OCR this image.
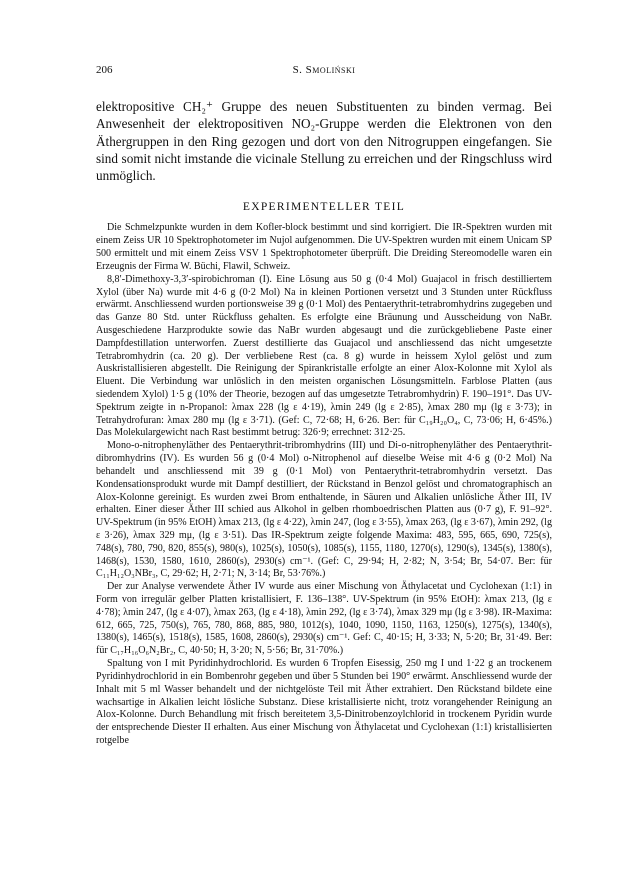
206	S. Smoliński
elektropositive CH₂⁺ Gruppe des neuen Substituenten zu binden vermag. Bei Anwesenheit der elektropositiven NO₂-Gruppe werden die Elektronen von den Äthergruppen in den Ring gezogen und dort von den Nitrogruppen eingefangen. Sie sind somit nicht imstande die vicinale Stellung zu erreichen und der Ringschluss wird unmöglich.
EXPERIMENTELLER TEIL

Die Schmelzpunkte wurden in dem Kofler-block bestimmt und sind korrigiert. Die IR-Spektren wurden mit einem Zeiss UR 10 Spektrophotometer im Nujol aufgenommen. Die UV-Spektren wurden mit einem Unicam SP 500 ermittelt und mit einem Zeiss VSV 1 Spektrophotometer überprüft. Die Dreiding Stereomodelle waren ein Erzeugnis der Firma W. Büchi, Flawil, Schweiz.

8,8′-Dimethoxy-3,3′-spirobichroman (I). Eine Lösung aus 50 g (0·4 Mol) Guajacol in frisch destilliertem Xylol (über Na) wurde mit 4·6 g (0·2 Mol) Na in kleinen Portionen versetzt und 3 Stunden unter Rückfluss erwärmt. Anschliessend wurden portionsweise 39 g (0·1 Mol) des Pentaerythrit-tetrabromhydrins zugegeben und das Ganze 80 Std. unter Rückfluss gehalten. Es erfolgte eine Bräunung und Ausscheidung von NaBr. Ausgeschiedene Harzprodukte sowie das NaBr wurden abgesaugt und die zurückgebliebene Paste einer Dampfdestillation unterworfen. Zuerst destillierte das Guajacol und anschliessend das nicht umgesetzte Tetrabromhydrin (ca. 20 g). Der verbliebene Rest (ca. 8 g) wurde in heissem Xylol gelöst und zum Auskristallisieren abgestellt. Die Reinigung der Spirankristalle erfolgte an einer Alox-Kolonne mit Xylol als Eluent. Die Verbindung war unlöslich in den meisten organischen Lösungsmitteln. Farblose Platten (aus siedendem Xylol) 1·5 g (10% der Theorie, bezogen auf das umgesetzte Tetrabromhydrin) F. 190–191°. Das UV-Spektrum zeigte in n-Propanol: λmax 228 (lg ε 4·19), λmin 249 (lg ε 2·85), λmax 280 mμ (lg ε 3·73); in Tetrahydrofuran: λmax 280 mμ (lg ε 3·71). (Gef: C, 72·68; H, 6·26. Ber: für C₁₉H₂₀O₄, C, 73·06; H, 6·45%.) Das Molekulargewicht nach Rast bestimmt betrug: 326·9; errechnet: 312·25.

Mono-o-nitrophenyläther des Pentaerythrit-tribromhydrins (III) und Di-o-nitrophenyläther des Pentaerythrit-dibromhydrins (IV). Es wurden 56 g (0·4 Mol) o-Nitrophenol auf dieselbe Weise mit 4·6 g (0·2 Mol) Na behandelt und anschliessend mit 39 g (0·1 Mol) von Pentaerythrit-tetrabromhydrin versetzt. Das Kondensationsprodukt wurde mit Dampf destilliert, der Rückstand in Benzol gelöst und chromatographisch an Alox-Kolonne gereinigt. Es wurden zwei Brom enthaltende, in Säuren und Alkalien unlösliche Äther III, IV erhalten. Einer dieser Äther III schied aus Alkohol in gelben rhomboedrischen Platten aus (0·7 g), F. 91–92°. UV-Spektrum (in 95% EtOH) λmax 213, (lg ε 4·22), λmin 247, (log ε 3·55), λmax 263, (lg ε 3·67), λmin 292, (lg ε 3·26), λmax 329 mμ, (lg ε 3·51). Das IR-Spektrum zeigte folgende Maxima: 483, 595, 665, 690, 725(s), 748(s), 780, 790, 820, 855(s), 980(s), 1025(s), 1050(s), 1085(s), 1155, 1180, 1270(s), 1290(s), 1345(s), 1380(s), 1468(s), 1530, 1580, 1610, 2860(s), 2930(s) cm⁻¹. (Gef: C, 29·94; H, 2·82; N, 3·54; Br, 54·07. Ber: für C₁₁H₁₂O₃NBr₃, C, 29·62; H, 2·71; N, 3·14; Br, 53·76%.)

Der zur Analyse verwendete Äther IV wurde aus einer Mischung von Äthylacetat und Cyclohexan (1:1) in Form von irregulär gelber Platten kristallisiert, F. 136–138°. UV-Spektrum (in 95% EtOH): λmax 213, (lg ε 4·78); λmin 247, (lg ε 4·07), λmax 263, (lg ε 4·18), λmin 292, (lg ε 3·74), λmax 329 mμ (lg ε 3·98). IR-Maxima: 612, 665, 725, 750(s), 765, 780, 868, 885, 980, 1012(s), 1040, 1090, 1150, 1163, 1250(s), 1275(s), 1340(s), 1380(s), 1465(s), 1518(s), 1585, 1608, 2860(s), 2930(s) cm⁻¹. Gef: C, 40·15; H, 3·33; N, 5·20; Br, 31·49. Ber: für C₁₇H₁₆O₆N₂Br₂, C, 40·50; H, 3·20; N, 5·56; Br, 31·70%.)

Spaltung von I mit Pyridinhydrochlorid. Es wurden 6 Tropfen Eisessig, 250 mg I und 1·22 g an trockenem Pyridinhydrochlorid in ein Bombenrohr gegeben und über 5 Stunden bei 190° erwärmt. Anschliessend wurde der Inhalt mit 5 ml Wasser behandelt und der nichtgelöste Teil mit Äther extrahiert. Den Rückstand bildete eine wachsartige in Alkalien leicht lösliche Substanz. Diese kristallisierte nicht, trotz vorangehender Reinigung an Alox-Kolonne. Durch Behandlung mit frisch bereitetem 3,5-Dinitrobenzoylchlorid in trockenem Pyridin wurde der entsprechende Diester II erhalten. Aus einer Mischung von Äthylacetat und Cyclohexan (1:1) kristallisierten rotgelbe
